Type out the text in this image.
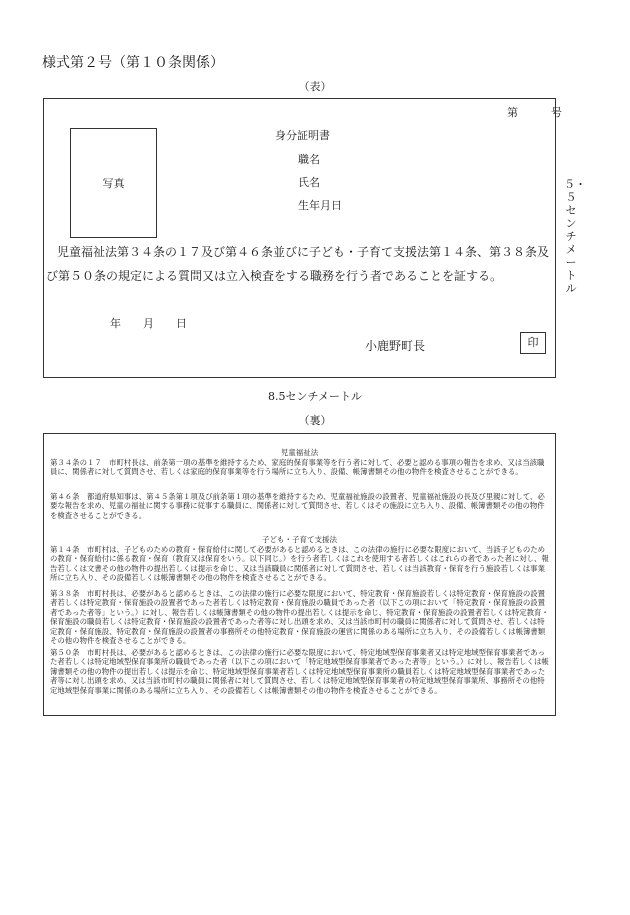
様式第２号（第１０条関係）
（表）
第　　　号
写真
身分証明書
職名
氏名
生年月日
児童福祉法第３４条の１７及び第４６条並びに子ども・子育て支援法第１４条、第３８条及
び第５０条の規定による質問又は立入検査をする職務を行う者であることを証する。
年　　月　　日
小鹿野町長	印
５・５センチメートル
8.5センチメートル
（裏）
児童福祉法
第３４条の１７　市町村長は、前条第一項の基準を維持するため、家庭的保育事業等を行う者に対して、必要と認める事項の報告を求め、又は当該職員に、関係者に対して質問させ、若しくは家庭的保育事業等を行う場所に立ち入り、設備、帳簿書類その他の物件を検査させることができる。
第４６条　都道府県知事は、第４５条第１項及び前条第１項の基準を維持するため、児童福祉施設の設置者、児童福祉施設の長及び里親に対して、必要な報告を求め、児童の福祉に関する事務に従事する職員に、関係者に対して質問させ、若しくはその施設に立ち入り、設備、帳簿書類その他の物件を検査させることができる。
子ども・子育て支援法
第１４条　市町村は、子どものための教育・保育給付に関して必要があると認めるときは、この法律の施行に必要な限度において、当該子どものための教育・保育給付に係る教育・保育（教育又は保育をいう。以下同じ。）を行う者若しくはこれを使用する者若しくはこれらの者であった者に対し、報告若しくは文書その他の物件の提出若しくは提示を命じ、又は当該職員に関係者に対して質問させ、若しくは当該教育・保育を行う施設若しくは事業所に立ち入り、その設備若しくは帳簿書類その他の物件を検査させることができる。
第３８条　市町村長は、必要があると認めるときは、この法律の施行に必要な限度において、特定教育・保育施設若しくは特定教育・保育施設の設置者若しくは特定教育・保育施設の設置者であった者若しくは特定教育・保育施設の職員であった者（以下この項において「特定教育・保育施設の設置者であった者等」という。）に対し、報告若しくは帳簿書類その他の物件の提出若しくは提示を命じ、特定教育・保育施設の設置者若しくは特定教育・保育施設の職員若しくは特定教育・保育施設の設置者であった者等に対し出頭を求め、又は当該市町村の職員に関係者に対して質問させ、若しくは特定教育・保育施設、特定教育・保育施設の設置者の事務所その他特定教育・保育施設の運営に関係のある場所に立ち入り、その設備若しくは帳簿書類その他の物件を検査させることができる。
第５０条　市町村長は、必要があると認めるときは、この法律の施行に必要な限度において、特定地域型保育事業者又は特定地域型保育事業者であった者若しくは特定地域型保育事業所の職員であった者（以下この項において「特定地域型保育事業者であった者等」という。）に対し、報告若しくは帳簿書類その他の物件の提出若しくは提示を命じ、特定地域型保育事業者若しくは特定地域型保育事業所の職員若しくは特定地域型保育事業者であった者等に対し出頭を求め、又は当該市町村の職員に関係者に対して質問させ、若しくは特定地域型保育事業者の特定地域型保育事業所、事務所その他特定地域型保育事業に関係のある場所に立ち入り、その設備若しくは帳簿書類その他の物件を検査させることができる。
